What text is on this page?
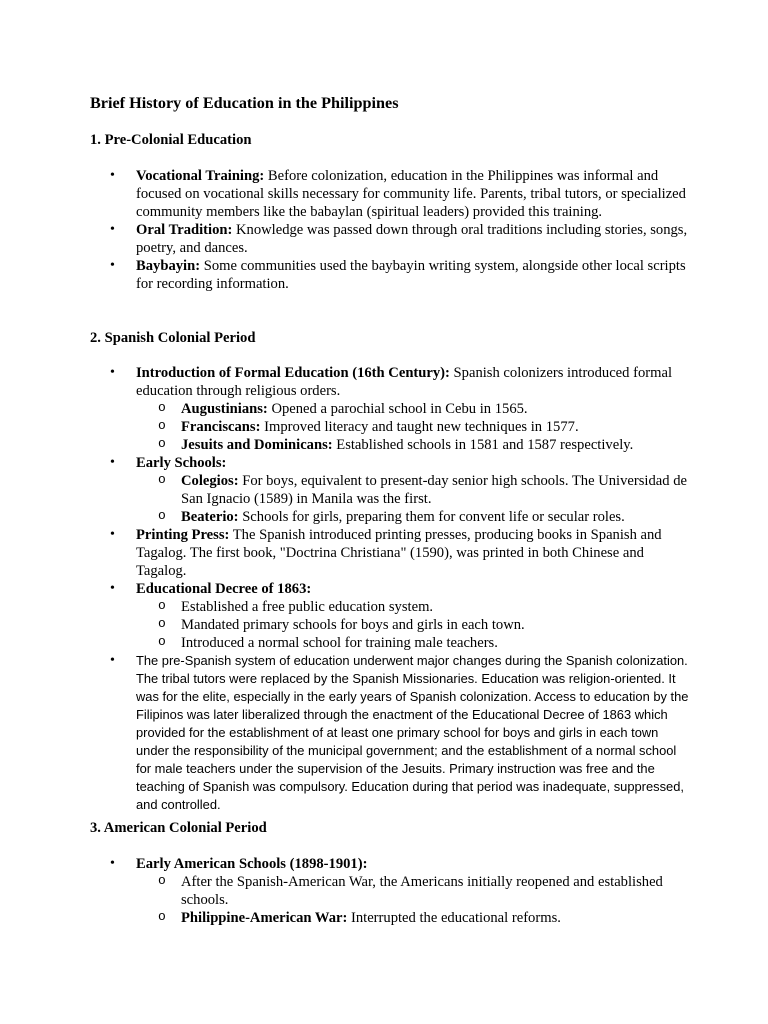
Brief History of Education in the Philippines
1. Pre-Colonial Education
• Vocational Training: Before colonization, education in the Philippines was informal and focused on vocational skills necessary for community life. Parents, tribal tutors, or specialized community members like the babaylan (spiritual leaders) provided this training.
• Oral Tradition: Knowledge was passed down through oral traditions including stories, songs, poetry, and dances.
• Baybayin: Some communities used the baybayin writing system, alongside other local scripts for recording information.
2. Spanish Colonial Period
• Introduction of Formal Education (16th Century): Spanish colonizers introduced formal education through religious orders.
o Augustinians: Opened a parochial school in Cebu in 1565.
o Franciscans: Improved literacy and taught new techniques in 1577.
o Jesuits and Dominicans: Established schools in 1581 and 1587 respectively.
• Early Schools:
o Colegios: For boys, equivalent to present-day senior high schools. The Universidad de San Ignacio (1589) in Manila was the first.
o Beaterio: Schools for girls, preparing them for convent life or secular roles.
• Printing Press: The Spanish introduced printing presses, producing books in Spanish and Tagalog. The first book, "Doctrina Christiana" (1590), was printed in both Chinese and Tagalog.
• Educational Decree of 1863:
o Established a free public education system.
o Mandated primary schools for boys and girls in each town.
o Introduced a normal school for training male teachers.
• The pre-Spanish system of education underwent major changes during the Spanish colonization. The tribal tutors were replaced by the Spanish Missionaries. Education was religion-oriented. It was for the elite, especially in the early years of Spanish colonization. Access to education by the Filipinos was later liberalized through the enactment of the Educational Decree of 1863 which provided for the establishment of at least one primary school for boys and girls in each town under the responsibility of the municipal government; and the establishment of a normal school for male teachers under the supervision of the Jesuits. Primary instruction was free and the teaching of Spanish was compulsory. Education during that period was inadequate, suppressed, and controlled.
3. American Colonial Period
• Early American Schools (1898-1901):
o After the Spanish-American War, the Americans initially reopened and established schools.
o Philippine-American War: Interrupted the educational reforms.
